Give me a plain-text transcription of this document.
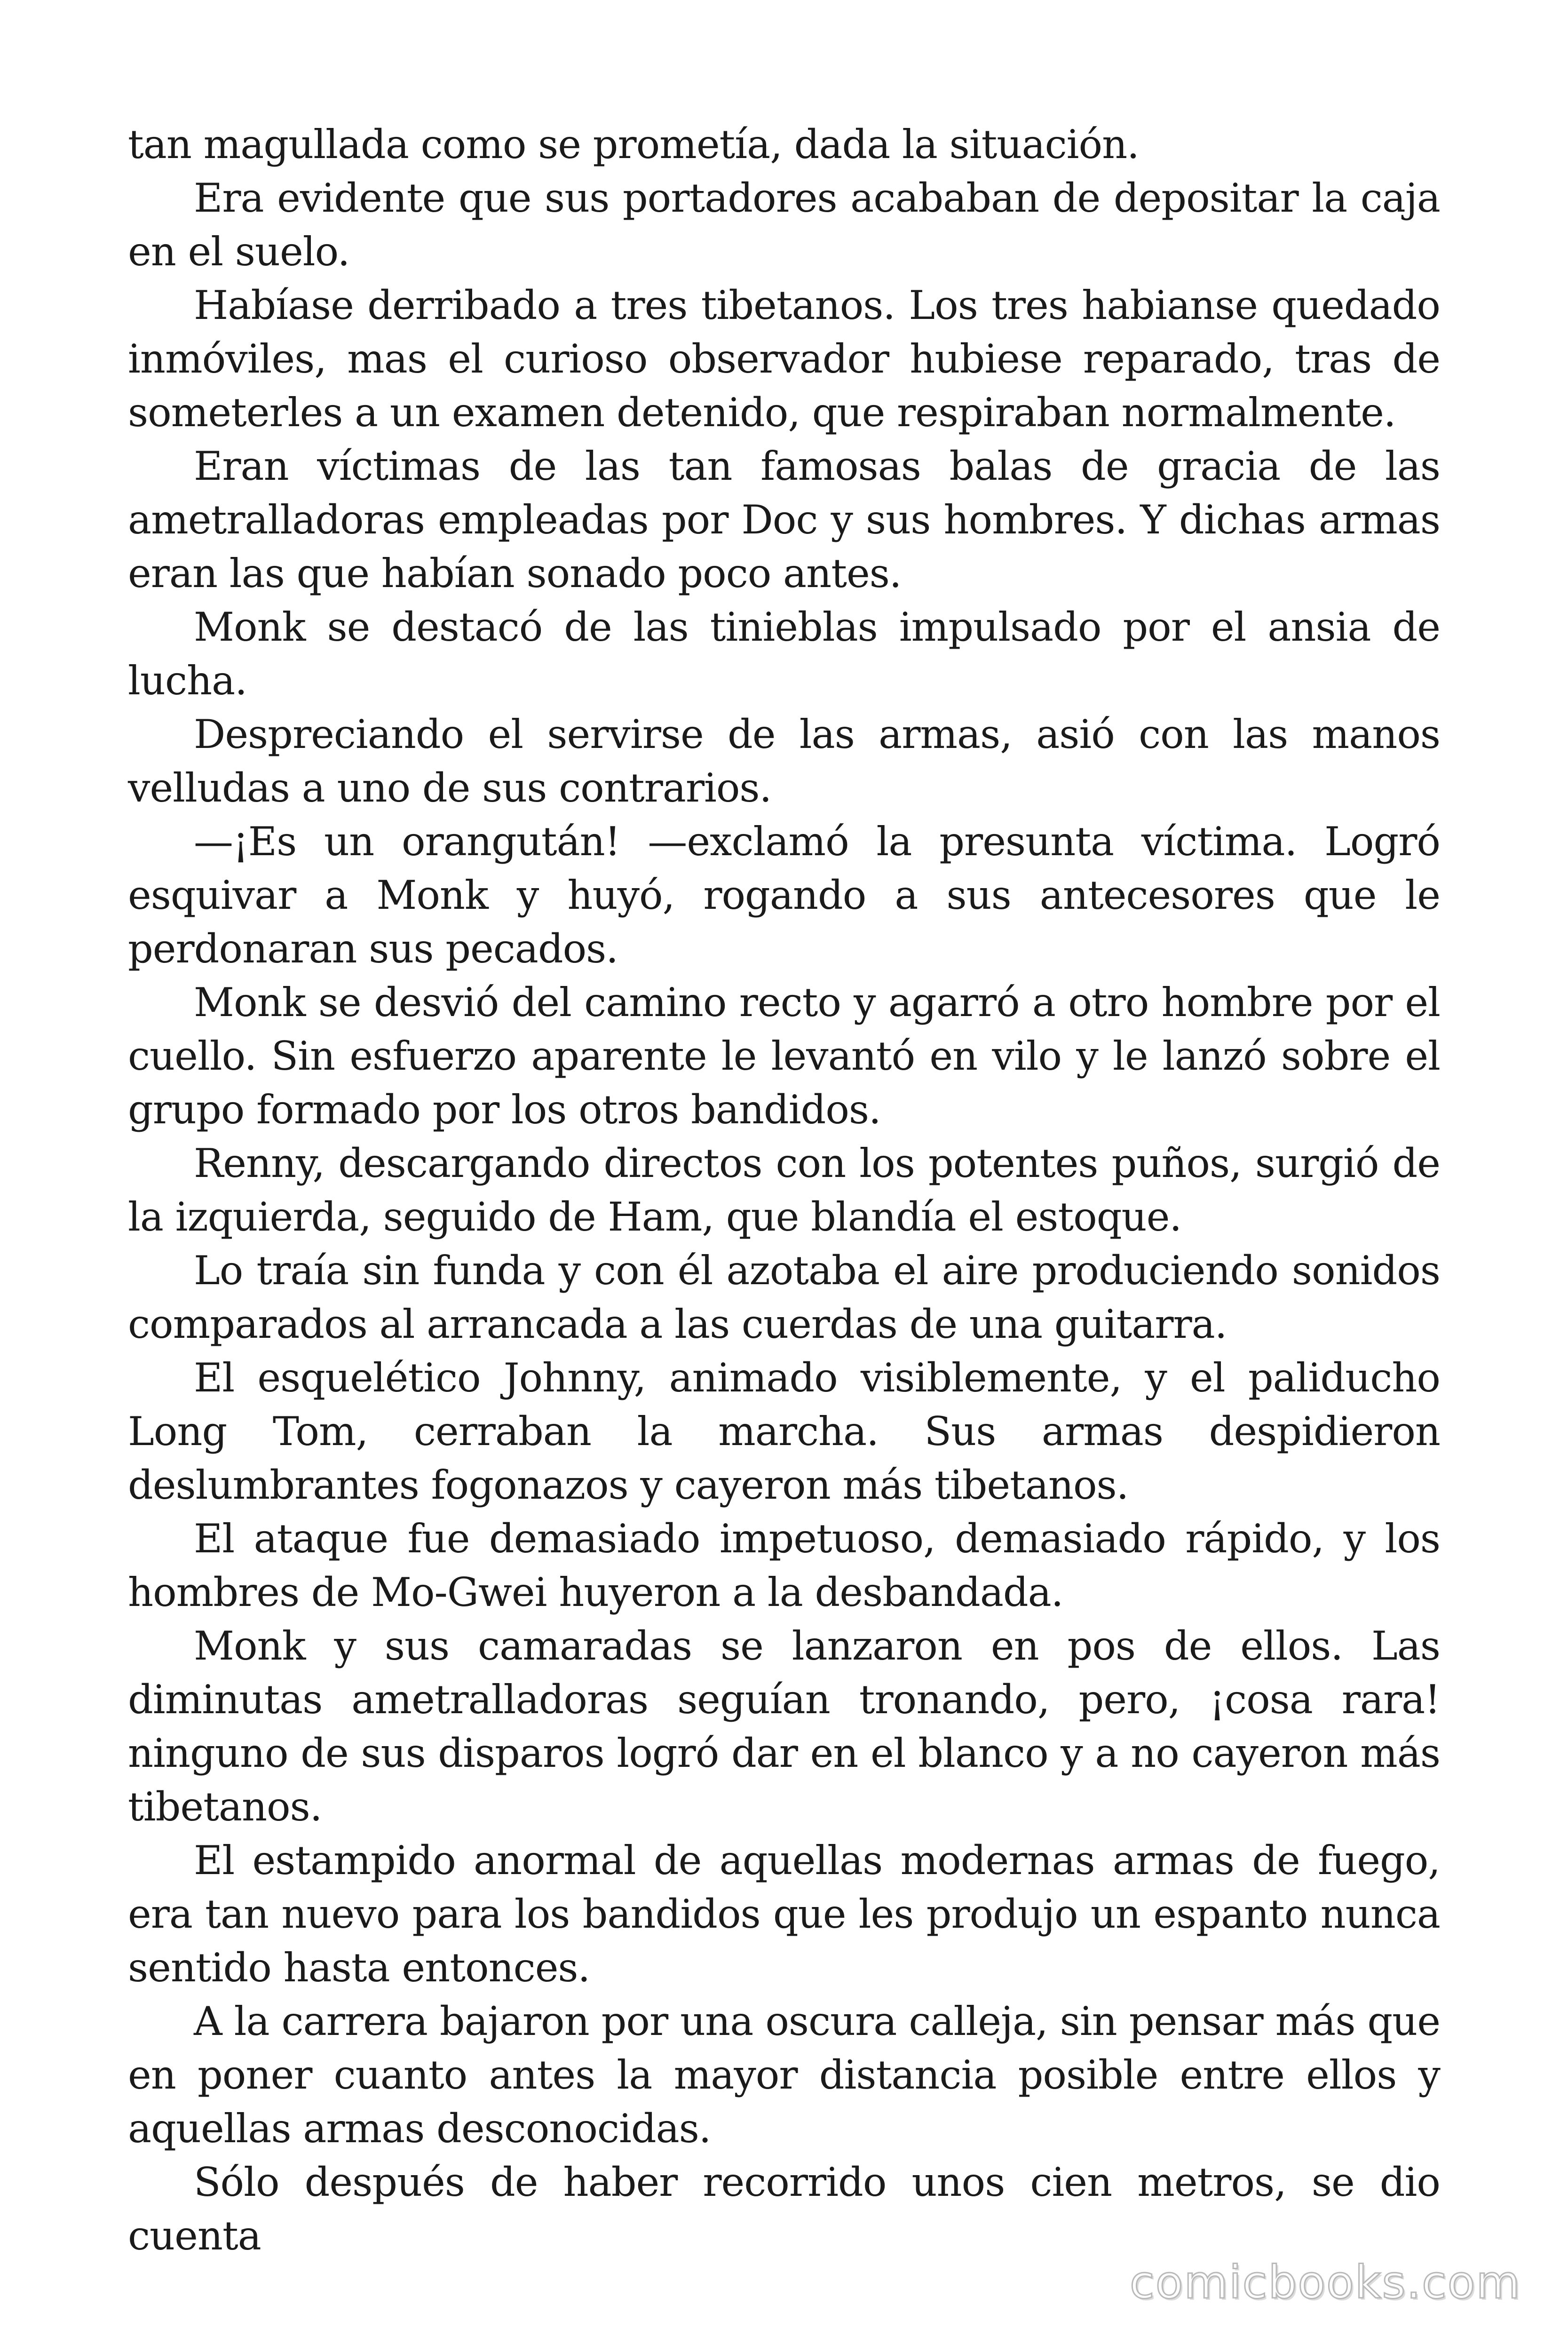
tan magullada como se prometía, dada la situación.

Era evidente que sus portadores acababan de depositar la caja en el suelo.

Habíase derribado a tres tibetanos. Los tres habianse quedado inmóviles, mas el curioso observador hubiese reparado, tras de someterles a un examen detenido, que respiraban normalmente.

Eran víctimas de las tan famosas balas de gracia de las ametralladoras empleadas por Doc y sus hombres. Y dichas armas eran las que habían sonado poco antes.

Monk se destacó de las tinieblas impulsado por el ansia de lucha.

Despreciando el servirse de las armas, asió con las manos velludas a uno de sus contrarios.

—¡Es un orangután! —exclamó la presunta víctima. Logró esquivar a Monk y huyó, rogando a sus antecesores que le perdonaran sus pecados.

Monk se desvió del camino recto y agarró a otro hombre por el cuello. Sin esfuerzo aparente le levantó en vilo y le lanzó sobre el grupo formado por los otros bandidos.

Renny, descargando directos con los potentes puños, surgió de la izquierda, seguido de Ham, que blandía el estoque.

Lo traía sin funda y con él azotaba el aire produciendo sonidos comparados al arrancada a las cuerdas de una guitarra.

El esquelético Johnny, animado visiblemente, y el paliducho Long Tom, cerraban la marcha. Sus armas despidieron deslumbrantes fogonazos y cayeron más tibetanos.

El ataque fue demasiado impetuoso, demasiado rápido, y los hombres de Mo-Gwei huyeron a la desbandada.

Monk y sus camaradas se lanzaron en pos de ellos. Las diminutas ametralladoras seguían tronando, pero, ¡cosa rara! ninguno de sus disparos logró dar en el blanco y a no cayeron más tibetanos.

El estampido anormal de aquellas modernas armas de fuego, era tan nuevo para los bandidos que les produjo un espanto nunca sentido hasta entonces.

A la carrera bajaron por una oscura calleja, sin pensar más que en poner cuanto antes la mayor distancia posible entre ellos y aquellas armas desconocidas.

Sólo después de haber recorrido unos cien metros, se dio cuenta

comicbooks.com
